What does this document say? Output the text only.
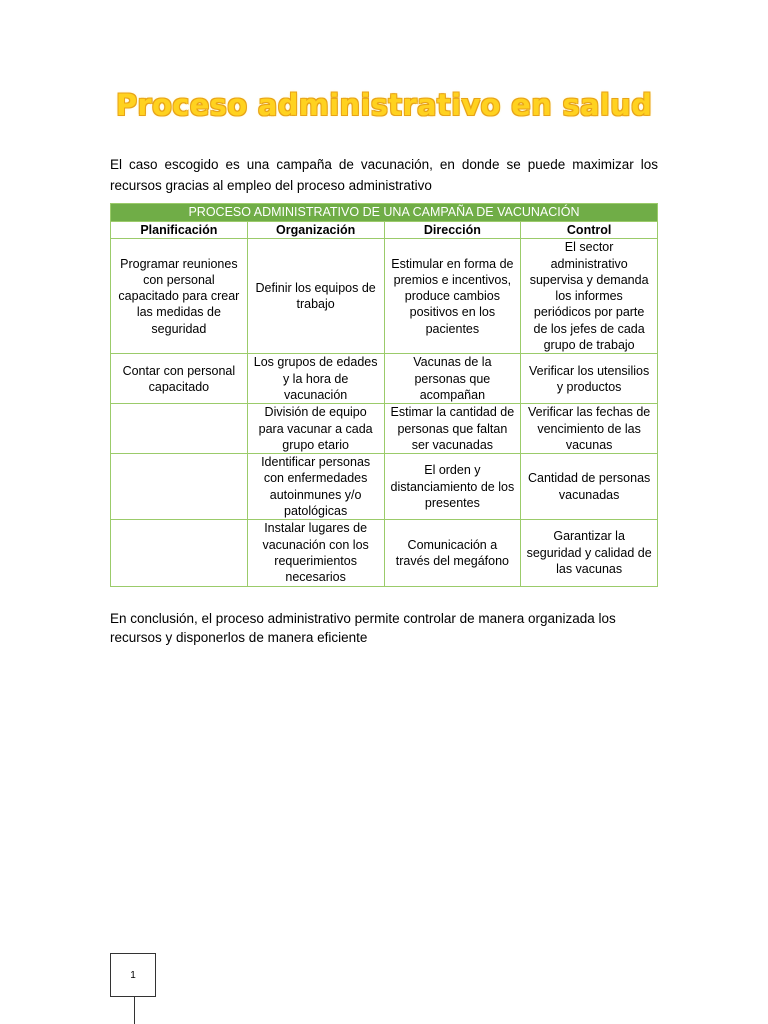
Proceso administrativo en salud

El caso escogido es una campaña de vacunación, en donde se puede maximizar los recursos gracias al empleo del proceso administrativo

PROCESO ADMINISTRATIVO DE UNA CAMPAÑA DE VACUNACIÓN			
Planificación	Organización	Dirección	Control
Programar reuniones con personal capacitado para crear las medidas de seguridad	Definir los equipos de trabajo	Estimular en forma de premios e incentivos, produce cambios positivos en los pacientes	El sector administrativo supervisa y demanda los informes periódicos por parte de los jefes de cada grupo de trabajo
Contar con personal capacitado	Los grupos de edades y la hora de vacunación	Vacunas de la personas que acompañan	Verificar los utensilios y productos
	División de equipo para vacunar a cada grupo etario	Estimar la cantidad de personas que faltan ser vacunadas	Verificar las fechas de vencimiento de las vacunas
	Identificar personas con enfermedades autoinmunes y/o patológicas	El orden y distanciamiento de los presentes	Cantidad de personas vacunadas
	Instalar lugares de vacunación con los requerimientos necesarios	Comunicación a través del megáfono	Garantizar la seguridad y calidad de las vacunas

En conclusión, el proceso administrativo permite controlar de manera organizada los recursos y disponerlos de manera eficiente

1
